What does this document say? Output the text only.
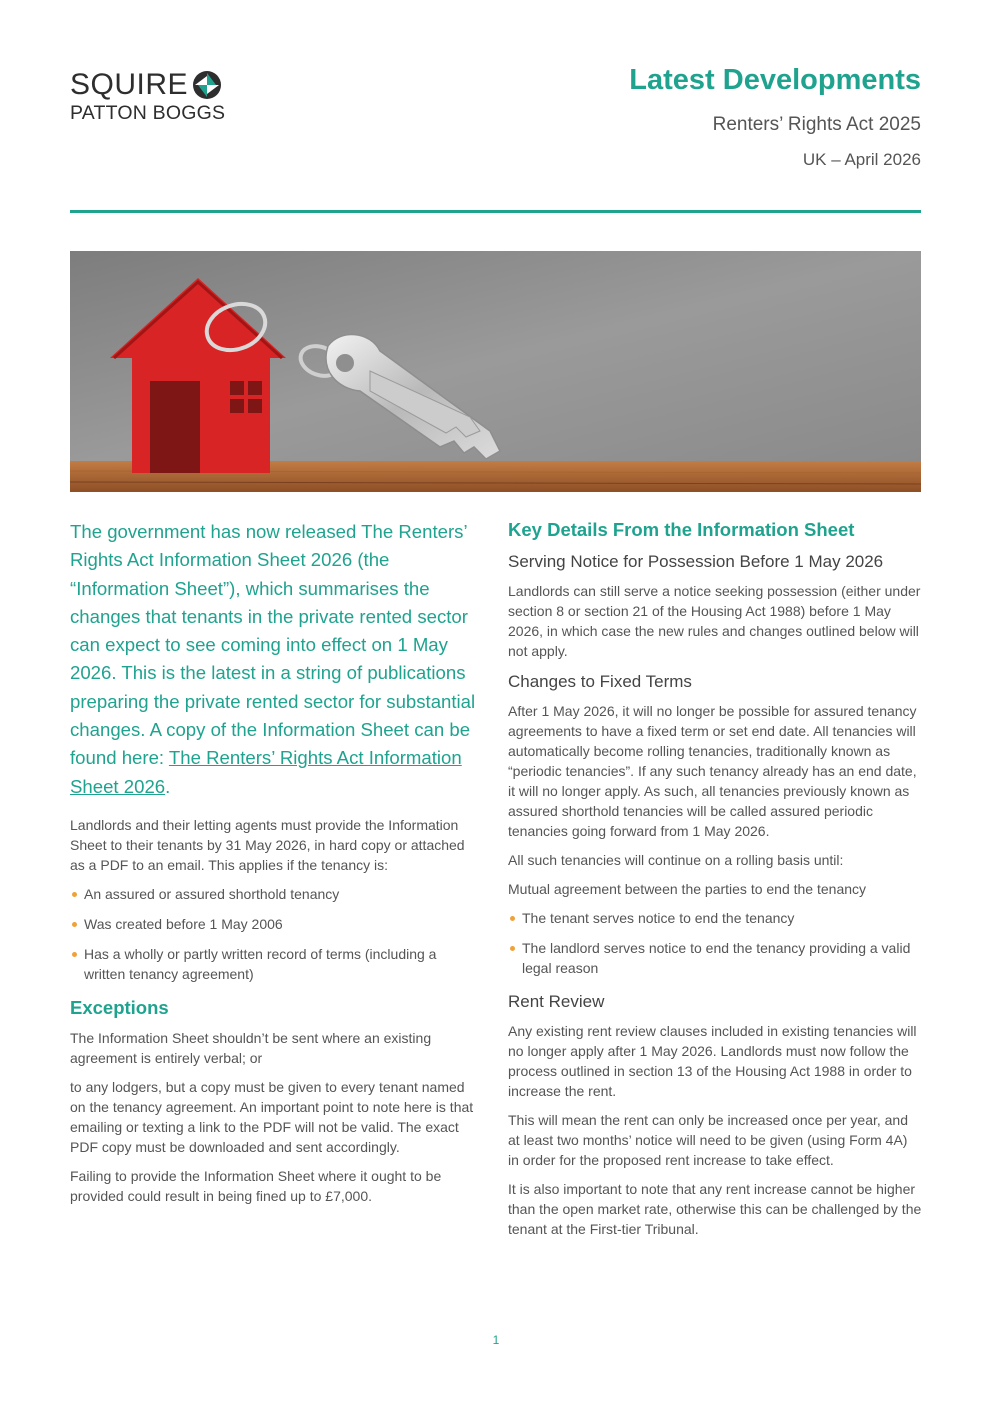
SQUIRE
PATTON BOGGS
Latest Developments
Renters’ Rights Act 2025
UK – April 2026

The government has now released The Renters’ Rights Act Information Sheet 2026 (the “Information Sheet”), which summarises the changes that tenants in the private rented sector can expect to see coming into effect on 1 May 2026. This is the latest in a string of publications preparing the private rented sector for substantial changes. A copy of the Information Sheet can be found here: The Renters’ Rights Act Information Sheet 2026.

Landlords and their letting agents must provide the Information Sheet to their tenants by 31 May 2026, in hard copy or attached as a PDF to an email. This applies if the tenancy is:

An assured or assured shorthold tenancy
Was created before 1 May 2006
Has a wholly or partly written record of terms (including a written tenancy agreement)
Exceptions

The Information Sheet shouldn’t be sent where an existing agreement is entirely verbal; or

to any lodgers, but a copy must be given to every tenant named on the tenancy agreement. An important point to note here is that emailing or texting a link to the PDF will not be valid. The exact PDF copy must be downloaded and sent accordingly.

Failing to provide the Information Sheet where it ought to be provided could result in being fined up to £7,000.

Key Details From the Information Sheet
Serving Notice for Possession Before 1 May 2026

Landlords can still serve a notice seeking possession (either under section 8 or section 21 of the Housing Act 1988) before 1 May 2026, in which case the new rules and changes outlined below will not apply.

Changes to Fixed Terms

After 1 May 2026, it will no longer be possible for assured tenancy agreements to have a fixed term or set end date. All tenancies will automatically become rolling tenancies, traditionally known as “periodic tenancies”. If any such tenancy already has an end date, it will no longer apply. As such, all tenancies previously known as assured shorthold tenancies will be called assured periodic tenancies going forward from 1 May 2026.

All such tenancies will continue on a rolling basis until:

Mutual agreement between the parties to end the tenancy

The tenant serves notice to end the tenancy
The landlord serves notice to end the tenancy providing a valid legal reason
Rent Review

Any existing rent review clauses included in existing tenancies will no longer apply after 1 May 2026. Landlords must now follow the process outlined in section 13 of the Housing Act 1988 in order to increase the rent.

This will mean the rent can only be increased once per year, and at least two months’ notice will need to be given (using Form 4A) in order for the proposed rent increase to take effect.

It is also important to note that any rent increase cannot be higher than the open market rate, otherwise this can be challenged by the tenant at the First-tier Tribunal.

1
